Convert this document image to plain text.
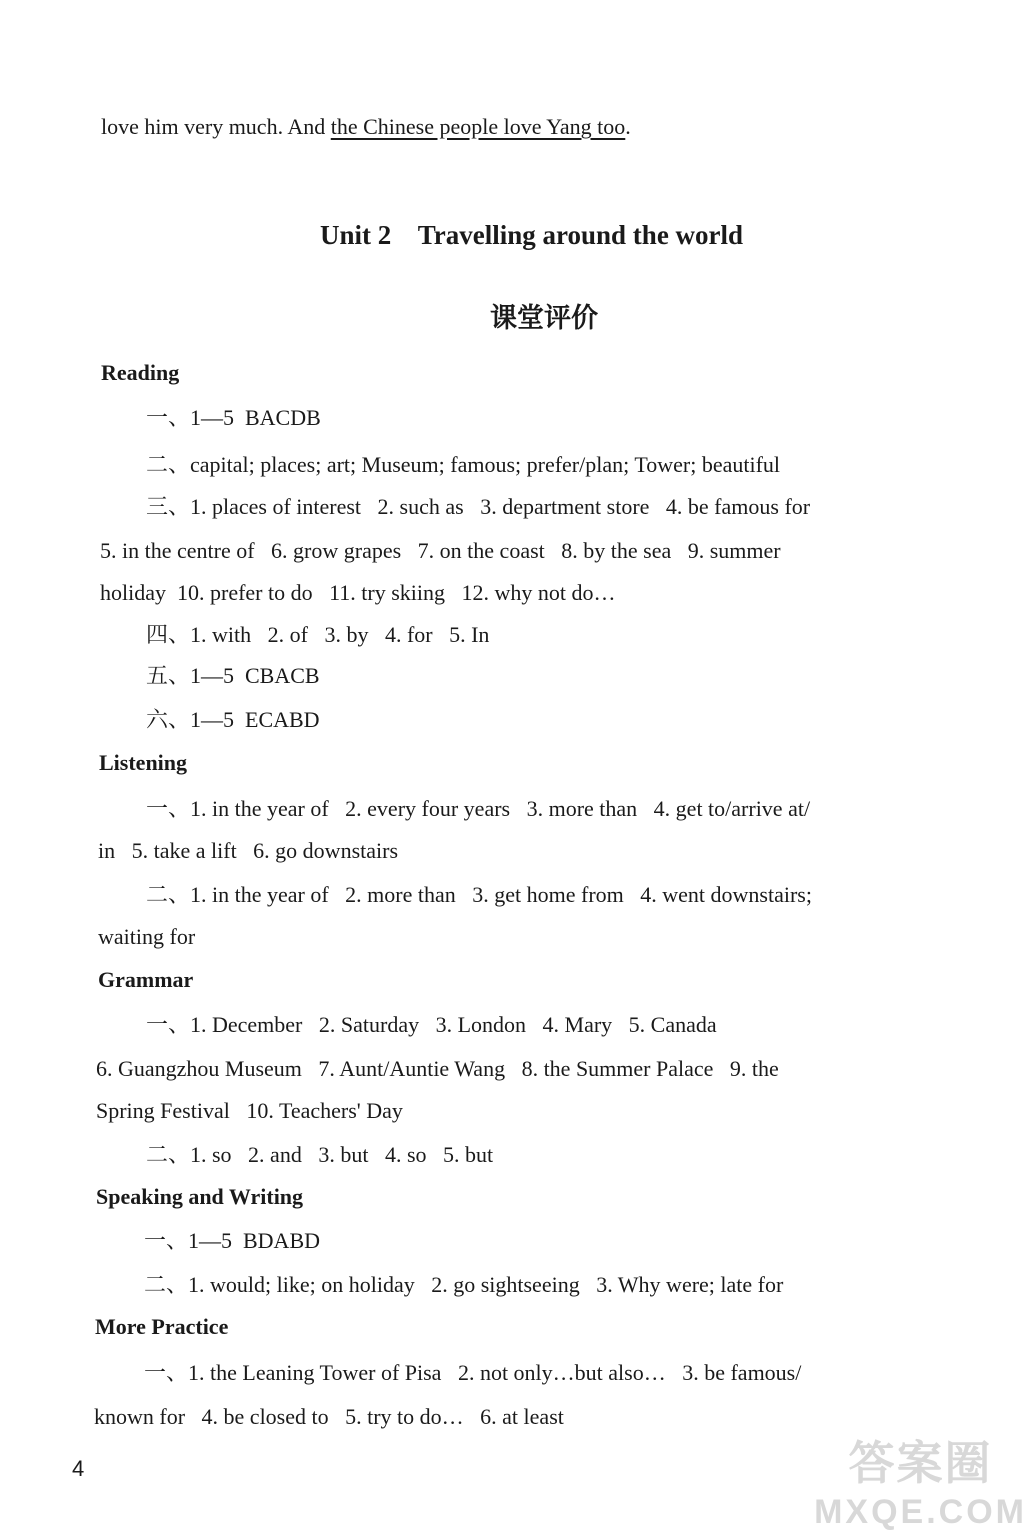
love him very much. And the Chinese people love Yang too.
Unit 2    Travelling around the world
课堂评价
Reading
一、1—5  BACDB
二、capital; places; art; Museum; famous; prefer/plan; Tower; beautiful
三、1. places of interest   2. such as   3. department store   4. be famous for
5. in the centre of   6. grow grapes   7. on the coast   8. by the sea   9. summer
holiday  10. prefer to do   11. try skiing   12. why not do…
四、1. with   2. of   3. by   4. for   5. In
五、1—5  CBACB
六、1—5  ECABD
Listening
一、1. in the year of   2. every four years   3. more than   4. get to/arrive at/
in   5. take a lift   6. go downstairs
二、1. in the year of   2. more than   3. get home from   4. went downstairs;
waiting for
Grammar
一、1. December   2. Saturday   3. London   4. Mary   5. Canada
6. Guangzhou Museum   7. Aunt/Auntie Wang   8. the Summer Palace   9. the
Spring Festival   10. Teachers' Day
二、1. so   2. and   3. but   4. so   5. but
Speaking and Writing
一、1—5  BDABD
二、1. would; like; on holiday   2. go sightseeing   3. Why were; late for
More Practice
一、1. the Leaning Tower of Pisa   2. not only…but also…   3. be famous/
known for   4. be closed to   5. try to do…   6. at least
4	答案圈
MXQE.COM
